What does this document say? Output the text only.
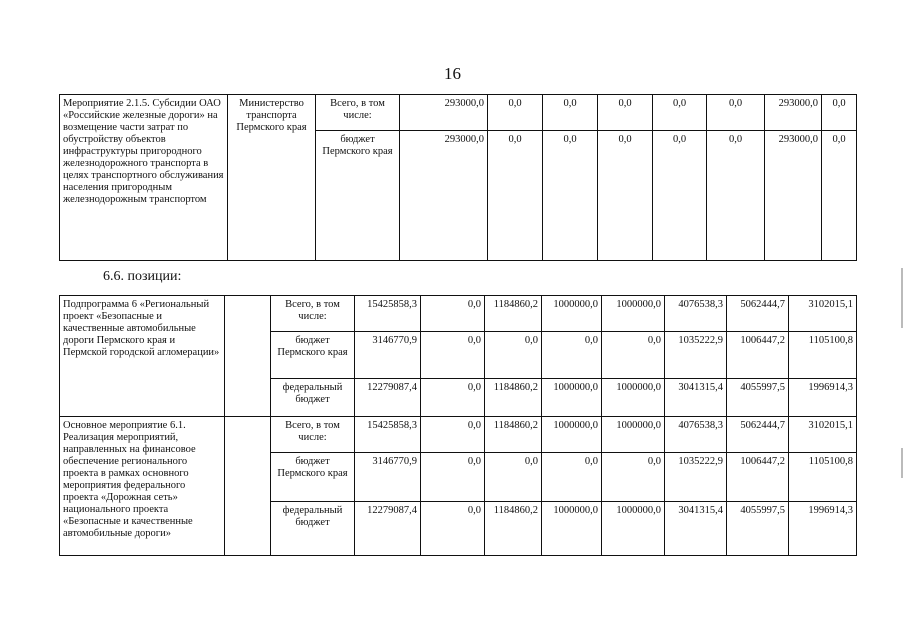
16
Мероприятие 2.1.5. Субсидии ОАО «Российские железные дороги» на возмещение части затрат по обустройству объектов инфраструктуры пригородного железнодорожного транспорта в целях транспортного обслуживания населения пригородным железнодорожным транспортом	Министерство транспорта Пермского края	Всего, в том числе:	293000,0	0,0	0,0	0,0	0,0	0,0	293000,0	0,0
		бюджет Пермского края	293000,0	0,0	0,0	0,0	0,0	0,0	293000,0	0,0
6.6. позиции:
Подпрограмма 6 «Региональный проект «Безопасные и качественные автомобильные дороги Пермского края и Пермской городской агломерации»		Всего, в том числе:	15425858,3	0,0	1184860,2	1000000,0	1000000,0	4076538,3	5062444,7	3102015,1
		бюджет Пермского края	3146770,9	0,0	0,0	0,0	0,0	1035222,9	1006447,2	1105100,8
		федеральный бюджет	12279087,4	0,0	1184860,2	1000000,0	1000000,0	3041315,4	4055997,5	1996914,3
Основное мероприятие 6.1. Реализация мероприятий, направленных на финансовое обеспечение регионального проекта в рамках основного мероприятия федерального проекта «Дорожная сеть» национального проекта «Безопасные и качественные автомобильные дороги»		Всего, в том числе:	15425858,3	0,0	1184860,2	1000000,0	1000000,0	4076538,3	5062444,7	3102015,1
		бюджет Пермского края	3146770,9	0,0	0,0	0,0	0,0	1035222,9	1006447,2	1105100,8
		федеральный бюджет	12279087,4	0,0	1184860,2	1000000,0	1000000,0	3041315,4	4055997,5	1996914,3
